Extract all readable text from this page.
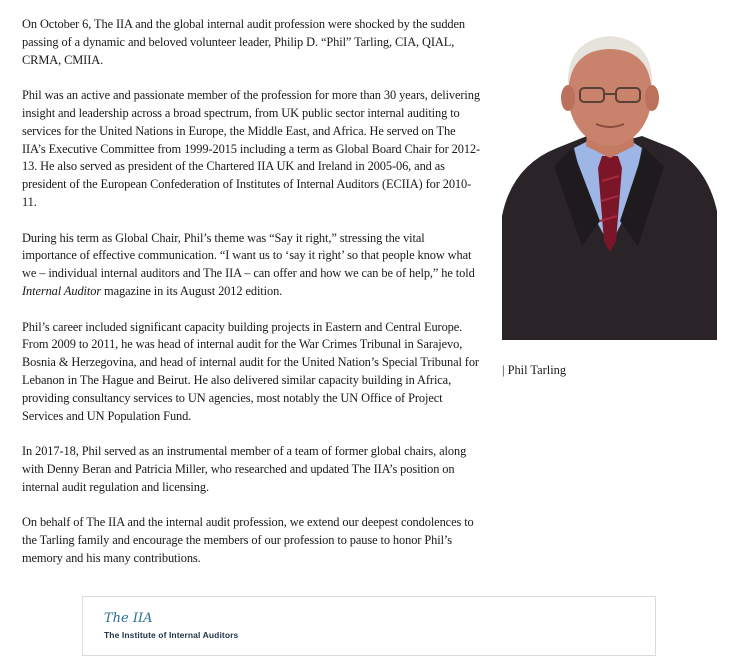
On October 6, The IIA and the global internal audit profession were shocked by the sudden passing of a dynamic and beloved volunteer leader, Philip D. “Phil” Tarling, CIA, QIAL, CRMA, CMIIA.

Phil was an active and passionate member of the profession for more than 30 years, delivering insight and leadership across a broad spectrum, from UK public sector internal auditing to services for the United Nations in Europe, the Middle East, and Africa. He served on The IIA’s Executive Committee from 1999-2015 including a term as Global Board Chair for 2012-13. He also served as president of the Chartered IIA UK and Ireland in 2005-06, and as president of the European Confederation of Institutes of Internal Auditors (ECIIA) for 2010-11.

During his term as Global Chair, Phil’s theme was “Say it right,” stressing the vital importance of effective communication. “I want us to ‘say it right’ so that people know what we – individual internal auditors and The IIA – can offer and how we can be of help,” he told Internal Auditor magazine in its August 2012 edition.

Phil’s career included significant capacity building projects in Eastern and Central Europe. From 2009 to 2011, he was head of internal audit for the War Crimes Tribunal in Sarajevo, Bosnia & Herzegovina, and head of internal audit for the United Nation’s Special Tribunal for Lebanon in The Hague and Beirut. He also delivered similar capacity building in Africa, providing consultancy services to UN agencies, most notably the UN Office of Project Services and UN Population Fund.

In 2017-18, Phil served as an instrumental member of a team of former global chairs, along with Denny Beran and Patricia Miller, who researched and updated The IIA’s position on internal audit regulation and licensing.

On behalf of The IIA and the internal audit profession, we extend our deepest condolences to the Tarling family and encourage the members of our profession to pause to honor Phil’s memory and his many contributions.

| Phil Tarling
The IIA
The Institute of Internal Auditors
